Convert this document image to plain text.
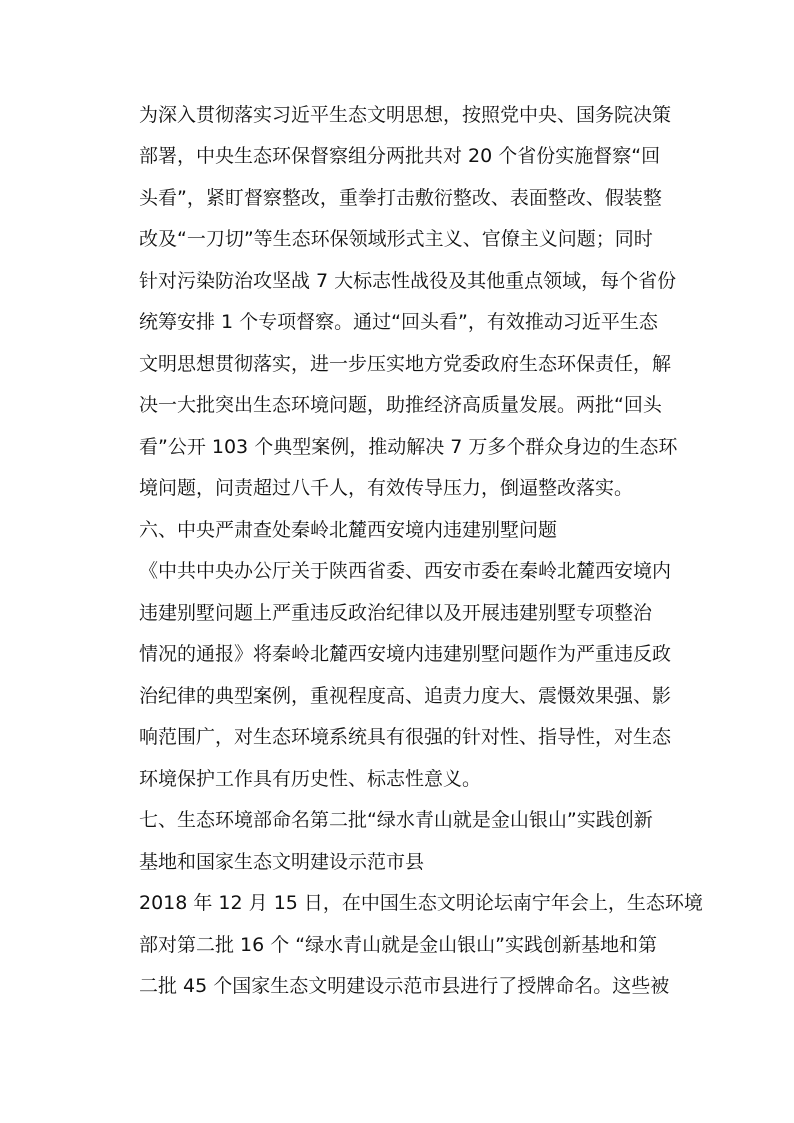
为深入贯彻落实习近平生态文明思想，按照党中央、国务院决策
部署，中央生态环保督察组分两批共对 20 个省份实施督察“回
头看”，紧盯督察整改，重拳打击敷衍整改、表面整改、假装整
改及“一刀切”等生态环保领域形式主义、官僚主义问题；同时
针对污染防治攻坚战 7 大标志性战役及其他重点领域，每个省份
统筹安排 1 个专项督察。通过“回头看”，有效推动习近平生态
文明思想贯彻落实，进一步压实地方党委政府生态环保责任，解
决一大批突出生态环境问题，助推经济高质量发展。两批“回头
看”公开 103 个典型案例，推动解决 7 万多个群众身边的生态环
境问题，问责超过八千人，有效传导压力，倒逼整改落实。
六、中央严肃查处秦岭北麓西安境内违建别墅问题
《中共中央办公厅关于陕西省委、西安市委在秦岭北麓西安境内
违建别墅问题上严重违反政治纪律以及开展违建别墅专项整治
情况的通报》将秦岭北麓西安境内违建别墅问题作为严重违反政
治纪律的典型案例，重视程度高、追责力度大、震慑效果强、影
响范围广，对生态环境系统具有很强的针对性、指导性，对生态
环境保护工作具有历史性、标志性意义。
七、生态环境部命名第二批“绿水青山就是金山银山”实践创新
基地和国家生态文明建设示范市县
2018 年 12 月 15 日，在中国生态文明论坛南宁年会上，生态环境
部对第二批 16 个 “绿水青山就是金山银山”实践创新基地和第
二批 45 个国家生态文明建设示范市县进行了授牌命名。这些被
